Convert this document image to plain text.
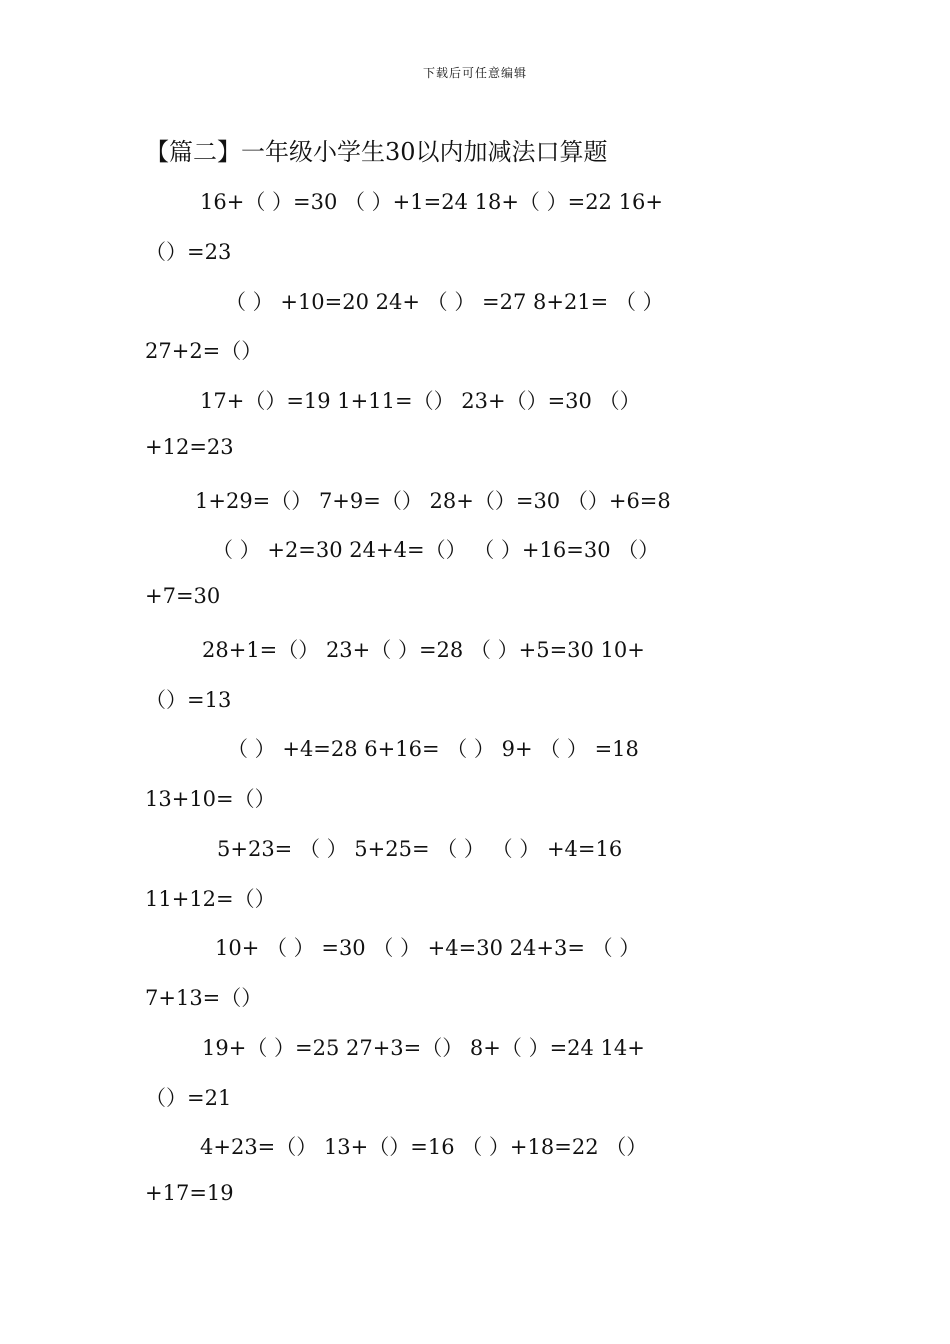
下载后可任意编辑
【篇二】一年级小学生30以内加减法口算题
16+（ ）=30 （ ）+1=24 18+（ ）=22 16+
（）=23
（ ） +10=20 24+ （ ） =27 8+21= （ ）
27+2=（）
17+（）=19 1+11=（） 23+（）=30 （）
+12=23
1+29=（） 7+9=（） 28+（）=30 （）+6=8
（ ） +2=30 24+4=（） （ ）+16=30 （）
+7=30
28+1=（） 23+（ ）=28 （ ）+5=30 10+
（）=13
（ ） +4=28 6+16= （ ） 9+ （ ） =18
13+10=（）
5+23= （ ） 5+25= （ ） （ ） +4=16
11+12=（）
10+ （ ） =30 （ ） +4=30 24+3= （ ）
7+13=（）
19+（ ）=25 27+3=（） 8+（ ）=24 14+
（）=21
4+23=（） 13+（）=16 （ ）+18=22 （）
+17=19
